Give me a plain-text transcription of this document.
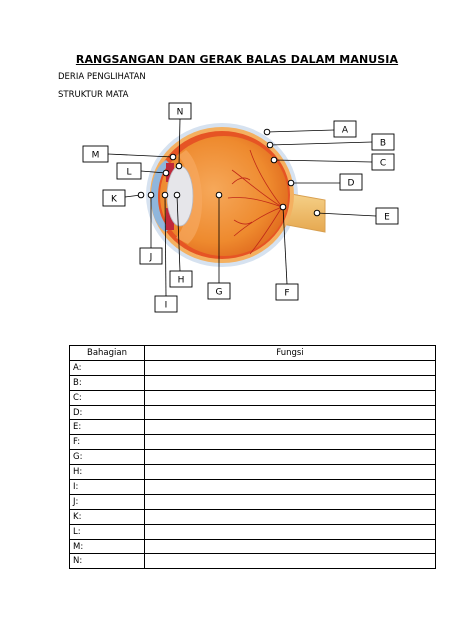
RANGSANGAN DAN GERAK BALAS DALAM MANUSIA
DERIA PENGLIHATAN
STRUKTUR MATA
A
B
C
D
E
F
G
H
I
J
K
L
M
N
Bahagian	Fungsi
A:	
B:	
C:	
D:	
E:	
F:	
G:	
H:	
I:	
J:	
K:	
L:	
M:	
N:	
